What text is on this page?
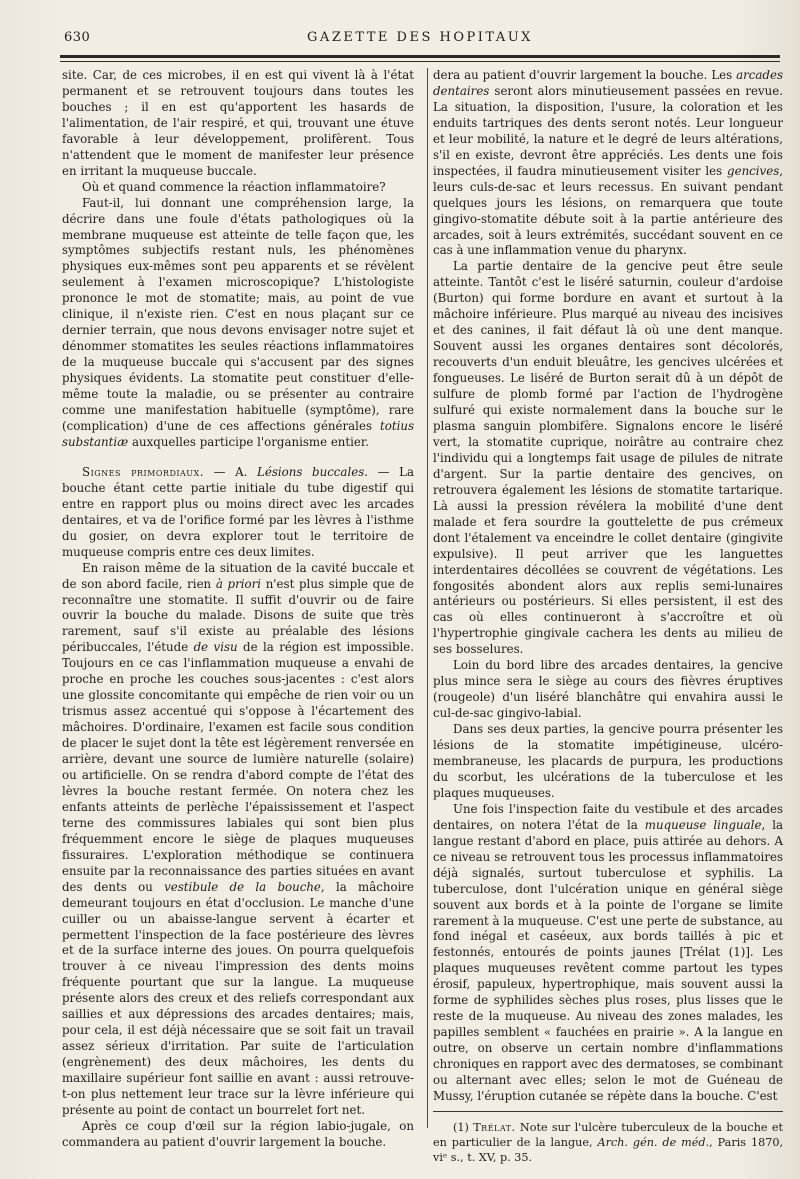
630	GAZETTE DES HOPITAUX

site. Car, de ces microbes, il en est qui vivent là à l'état permanent et se retrouvent toujours dans toutes les bouches ; il en est qu'apportent les hasards de l'alimentation, de l'air respiré, et qui, trouvant une étuve favorable à leur développement, prolifèrent. Tous n'attendent que le moment de manifester leur présence en irritant la muqueuse buccale.

Où et quand commence la réaction inflammatoire?

Faut-il, lui donnant une compréhension large, la décrire dans une foule d'états pathologiques où la membrane muqueuse est atteinte de telle façon que, les symptômes subjectifs restant nuls, les phénomènes physiques eux-mêmes sont peu apparents et se révèlent seulement à l'examen microscopique? L'histologiste prononce le mot de stomatite; mais, au point de vue clinique, il n'existe rien. C'est en nous plaçant sur ce dernier terrain, que nous devons envisager notre sujet et dénommer stomatites les seules réactions inflammatoires de la muqueuse buccale qui s'accusent par des signes physiques évidents. La stomatite peut constituer d'elle-même toute la maladie, ou se présenter au contraire comme une manifestation habituelle (symptôme), rare (complication) d'une de ces affections générales totius substantiæ auxquelles participe l'organisme entier.

Signes primordiaux. — A. Lésions buccales. — La bouche étant cette partie initiale du tube digestif qui entre en rapport plus ou moins direct avec les arcades dentaires, et va de l'orifice formé par les lèvres à l'isthme du gosier, on devra explorer tout le territoire de muqueuse compris entre ces deux limites.

En raison même de la situation de la cavité buccale et de son abord facile, rien à priori n'est plus simple que de reconnaître une stomatite. Il suffit d'ouvrir ou de faire ouvrir la bouche du malade. Disons de suite que très rarement, sauf s'il existe au préalable des lésions péribuccales, l'étude de visu de la région est impossible. Toujours en ce cas l'inflammation muqueuse a envahi de proche en proche les couches sous-jacentes : c'est alors une glossite concomitante qui empêche de rien voir ou un trismus assez accentué qui s'oppose à l'écartement des mâchoires. D'ordinaire, l'examen est facile sous condition de placer le sujet dont la tête est légèrement renversée en arrière, devant une source de lumière naturelle (solaire) ou artificielle. On se rendra d'abord compte de l'état des lèvres la bouche restant fermée. On notera chez les enfants atteints de perlèche l'épaississement et l'aspect terne des commissures labiales qui sont bien plus fréquemment encore le siège de plaques muqueuses fissuraires. L'exploration méthodique se continuera ensuite par la reconnaissance des parties situées en avant des dents ou vestibule de la bouche, la mâchoire demeurant toujours en état d'occlusion. Le manche d'une cuiller ou un abaisse-langue servent à écarter et permettent l'inspection de la face postérieure des lèvres et de la surface interne des joues. On pourra quelquefois trouver à ce niveau l'impression des dents moins fréquente pourtant que sur la langue. La muqueuse présente alors des creux et des reliefs correspondant aux saillies et aux dépressions des arcades dentaires; mais, pour cela, il est déjà nécessaire que se soit fait un travail assez sérieux d'irritation. Par suite de l'articulation (engrènement) des deux mâchoires, les dents du maxillaire supérieur font saillie en avant : aussi retrouve-t-on plus nettement leur trace sur la lèvre inférieure qui présente au point de contact un bourrelet fort net.

Après ce coup d'œil sur la région labio-jugale, on commandera au patient d'ouvrir largement la bouche.

dera au patient d'ouvrir largement la bouche. Les arcades dentaires seront alors minutieusement passées en revue. La situation, la disposition, l'usure, la coloration et les enduits tartriques des dents seront notés. Leur longueur et leur mobilité, la nature et le degré de leurs altérations, s'il en existe, devront être appréciés. Les dents une fois inspectées, il faudra minutieusement visiter les gencives, leurs culs-de-sac et leurs recessus. En suivant pendant quelques jours les lésions, on remarquera que toute gingivo-stomatite débute soit à la partie antérieure des arcades, soit à leurs extrémités, succédant souvent en ce cas à une inflammation venue du pharynx.

La partie dentaire de la gencive peut être seule atteinte. Tantôt c'est le liséré saturnin, couleur d'ardoise (Burton) qui forme bordure en avant et surtout à la mâchoire inférieure. Plus marqué au niveau des incisives et des canines, il fait défaut là où une dent manque. Souvent aussi les organes dentaires sont décolorés, recouverts d'un enduit bleuâtre, les gencives ulcérées et fongueuses. Le liséré de Burton serait dû à un dépôt de sulfure de plomb formé par l'action de l'hydrogène sulfuré qui existe normalement dans la bouche sur le plasma sanguin plombifère. Signalons encore le liséré vert, la stomatite cuprique, noirâtre au contraire chez l'individu qui a longtemps fait usage de pilules de nitrate d'argent. Sur la partie dentaire des gencives, on retrouvera également les lésions de stomatite tartarique. Là aussi la pression révélera la mobilité d'une dent malade et fera sourdre la gouttelette de pus crémeux dont l'étalement va enceindre le collet dentaire (gingivite expulsive). Il peut arriver que les languettes interdentaires décollées se couvrent de végétations. Les fongosités abondent alors aux replis semi-lunaires antérieurs ou postérieurs. Si elles persistent, il est des cas où elles continueront à s'accroître et où l'hypertrophie gingivale cachera les dents au milieu de ses bosselures.

Loin du bord libre des arcades dentaires, la gencive plus mince sera le siège au cours des fièvres éruptives (rougeole) d'un liséré blanchâtre qui envahira aussi le cul-de-sac gingivo-labial.

Dans ses deux parties, la gencive pourra présenter les lésions de la stomatite impétigineuse, ulcéro-membraneuse, les placards de purpura, les productions du scorbut, les ulcérations de la tuberculose et les plaques muqueuses.

Une fois l'inspection faite du vestibule et des arcades dentaires, on notera l'état de la muqueuse linguale, la langue restant d'abord en place, puis attirée au dehors. A ce niveau se retrouvent tous les processus inflammatoires déjà signalés, surtout tuberculose et syphilis. La tuberculose, dont l'ulcération unique en général siège souvent aux bords et à la pointe de l'organe se limite rarement à la muqueuse. C'est une perte de substance, au fond inégal et caséeux, aux bords taillés à pic et festonnés, entourés de points jaunes [Trélat (1)]. Les plaques muqueuses revêtent comme partout les types érosif, papuleux, hypertrophique, mais souvent aussi la forme de syphilides sèches plus roses, plus lisses que le reste de la muqueuse. Au niveau des zones malades, les papilles semblent « fauchées en prairie ». A la langue en outre, on observe un certain nombre d'inflammations chroniques en rapport avec des dermatoses, se combinant ou alternant avec elles; selon le mot de Guéneau de Mussy, l'éruption cutanée se répète dans la bouche. C'est

(1) Trélat. Note sur l'ulcère tuberculeux de la bouche et en particulier de la langue, Arch. gén. de méd., Paris 1870, viᵉ s., t. XV, p. 35.
